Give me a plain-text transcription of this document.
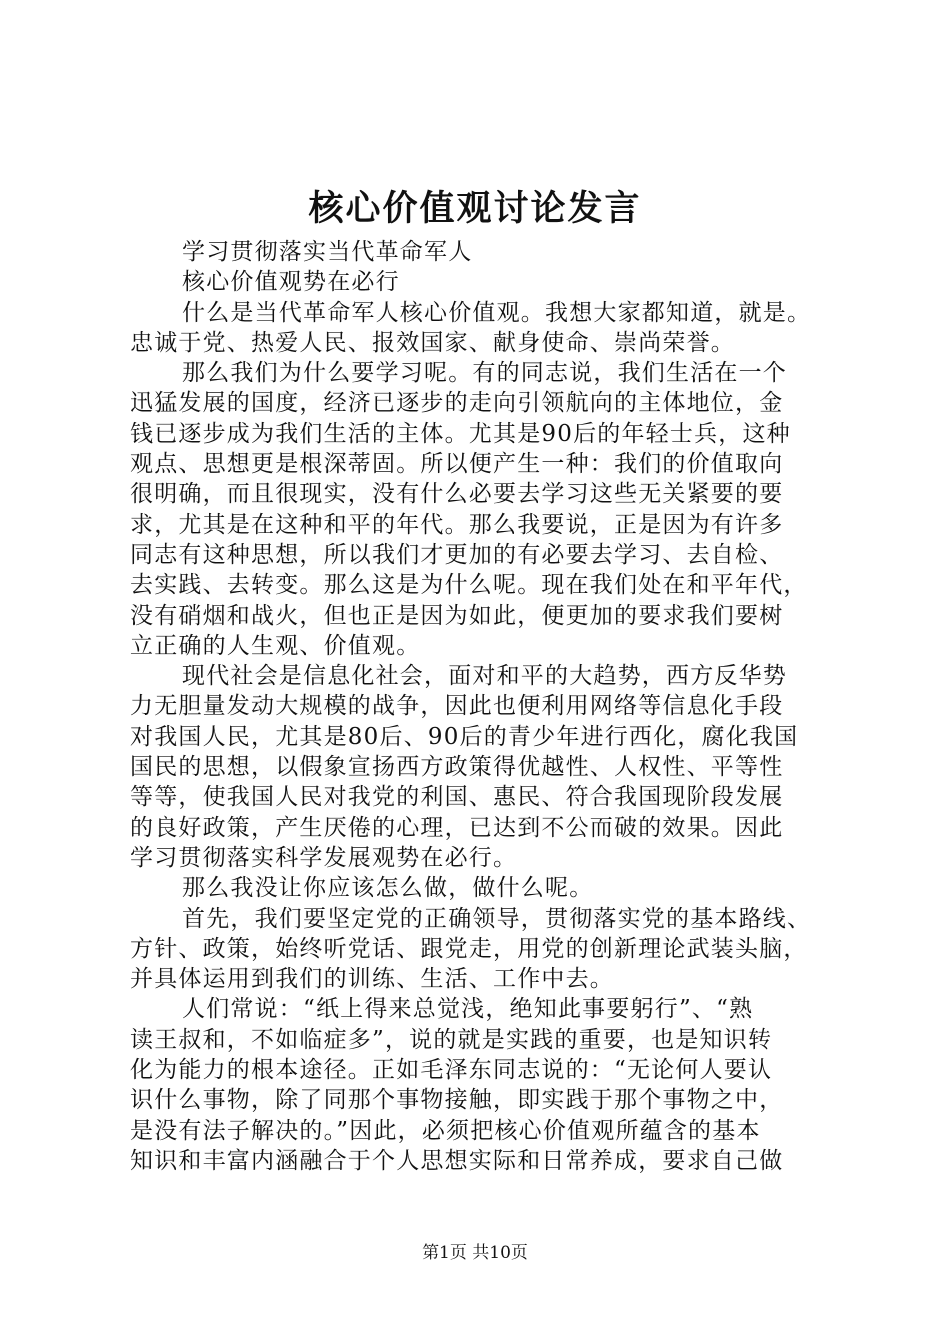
核心价值观讨论发言
学习贯彻落实当代革命军人
核心价值观势在必行
什么是当代革命军人核心价值观。我想大家都知道，就是。
忠诚于党、热爱人民、报效国家、献身使命、崇尚荣誉。
那么我们为什么要学习呢。有的同志说，我们生活在一个
迅猛发展的国度，经济已逐步的走向引领航向的主体地位，金
钱已逐步成为我们生活的主体。尤其是90后的年轻士兵，这种
观点、思想更是根深蒂固。所以便产生一种：我们的价值取向
很明确，而且很现实，没有什么必要去学习这些无关紧要的要
求，尤其是在这种和平的年代。那么我要说，正是因为有许多
同志有这种思想，所以我们才更加的有必要去学习、去自检、
去实践、去转变。那么这是为什么呢。现在我们处在和平年代，
没有硝烟和战火，但也正是因为如此，便更加的要求我们要树
立正确的人生观、价值观。
现代社会是信息化社会，面对和平的大趋势，西方反华势
力无胆量发动大规模的战争，因此也便利用网络等信息化手段
对我国人民，尤其是80后、90后的青少年进行西化，腐化我国
国民的思想，以假象宣扬西方政策得优越性、人权性、平等性
等等，使我国人民对我党的利国、惠民、符合我国现阶段发展
的良好政策，产生厌倦的心理，已达到不公而破的效果。因此
学习贯彻落实科学发展观势在必行。
那么我没让你应该怎么做，做什么呢。
首先，我们要坚定党的正确领导，贯彻落实党的基本路线、
方针、政策，始终听党话、跟党走，用党的创新理论武装头脑，
并具体运用到我们的训练、生活、工作中去。
人们常说：“纸上得来总觉浅，绝知此事要躬行”、“熟
读王叔和，不如临症多”，说的就是实践的重要，也是知识转
化为能力的根本途径。正如毛泽东同志说的：“无论何人要认
识什么事物，除了同那个事物接触，即实践于那个事物之中，
是没有法子解决的。”因此，必须把核心价值观所蕴含的基本
知识和丰富内涵融合于个人思想实际和日常养成，要求自己做
第1页 共10页
